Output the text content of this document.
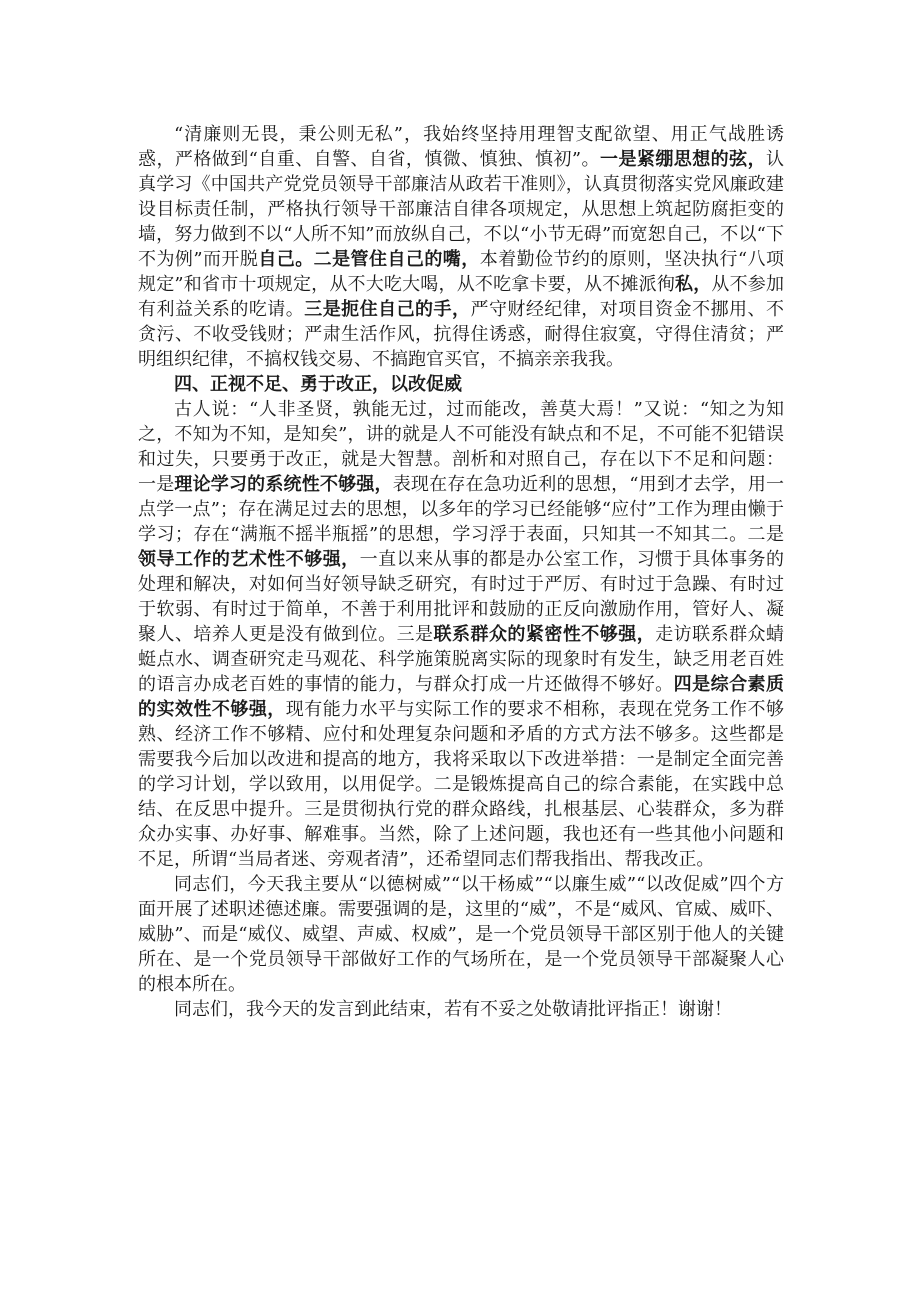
“清廉则无畏，秉公则无私”，我始终坚持用理智支配欲望、用正气战胜诱惑，严格做到“自重、自警、自省，慎微、慎独、慎初”。一是紧绷思想的弦，认真学习《中国共产党党员领导干部廉洁从政若干准则》，认真贯彻落实党风廉政建设目标责任制，严格执行领导干部廉洁自律各项规定，从思想上筑起防腐拒变的墙，努力做到不以“人所不知”而放纵自己，不以“小节无碍”而宽恕自己，不以“下不为例”而开脱自己。二是管住自己的嘴，本着勤俭节约的原则，坚决执行“八项规定”和省市十项规定，从不大吃大喝，从不吃拿卡要，从不摊派徇私，从不参加有利益关系的吃请。三是扼住自己的手，严守财经纪律，对项目资金不挪用、不贪污、不收受钱财；严肃生活作风，抗得住诱惑，耐得住寂寞，守得住清贫；严明组织纪律，不搞权钱交易、不搞跑官买官，不搞亲亲我我。

四、正视不足、勇于改正，以改促威

古人说：“人非圣贤，孰能无过，过而能改，善莫大焉！”又说：“知之为知之，不知为不知，是知矣”，讲的就是人不可能没有缺点和不足，不可能不犯错误和过失，只要勇于改正，就是大智慧。剖析和对照自己，存在以下不足和问题：一是理论学习的系统性不够强，表现在存在急功近利的思想，“用到才去学，用一点学一点”；存在满足过去的思想，以多年的学习已经能够“应付”工作为理由懒于学习；存在“满瓶不摇半瓶摇”的思想，学习浮于表面，只知其一不知其二。二是领导工作的艺术性不够强，一直以来从事的都是办公室工作，习惯于具体事务的处理和解决，对如何当好领导缺乏研究，有时过于严厉、有时过于急躁、有时过于软弱、有时过于简单，不善于利用批评和鼓励的正反向激励作用，管好人、凝聚人、培养人更是没有做到位。三是联系群众的紧密性不够强，走访联系群众蜻蜓点水、调查研究走马观花、科学施策脱离实际的现象时有发生，缺乏用老百姓的语言办成老百姓的事情的能力，与群众打成一片还做得不够好。四是综合素质的实效性不够强，现有能力水平与实际工作的要求不相称，表现在党务工作不够熟、经济工作不够精、应付和处理复杂问题和矛盾的方式方法不够多。这些都是需要我今后加以改进和提高的地方，我将采取以下改进举措：一是制定全面完善的学习计划，学以致用，以用促学。二是锻炼提高自己的综合素能，在实践中总结、在反思中提升。三是贯彻执行党的群众路线，扎根基层、心装群众，多为群众办实事、办好事、解难事。当然，除了上述问题，我也还有一些其他小问题和不足，所谓“当局者迷、旁观者清”，还希望同志们帮我指出、帮我改正。

同志们，今天我主要从“以德树威”“以干杨威”“以廉生威”“以改促威”四个方面开展了述职述德述廉。需要强调的是，这里的“威”，不是“威风、官威、威吓、威胁”、而是“威仪、威望、声威、权威”，是一个党员领导干部区别于他人的关键所在、是一个党员领导干部做好工作的气场所在，是一个党员领导干部凝聚人心的根本所在。

同志们，我今天的发言到此结束，若有不妥之处敬请批评指正！谢谢！
